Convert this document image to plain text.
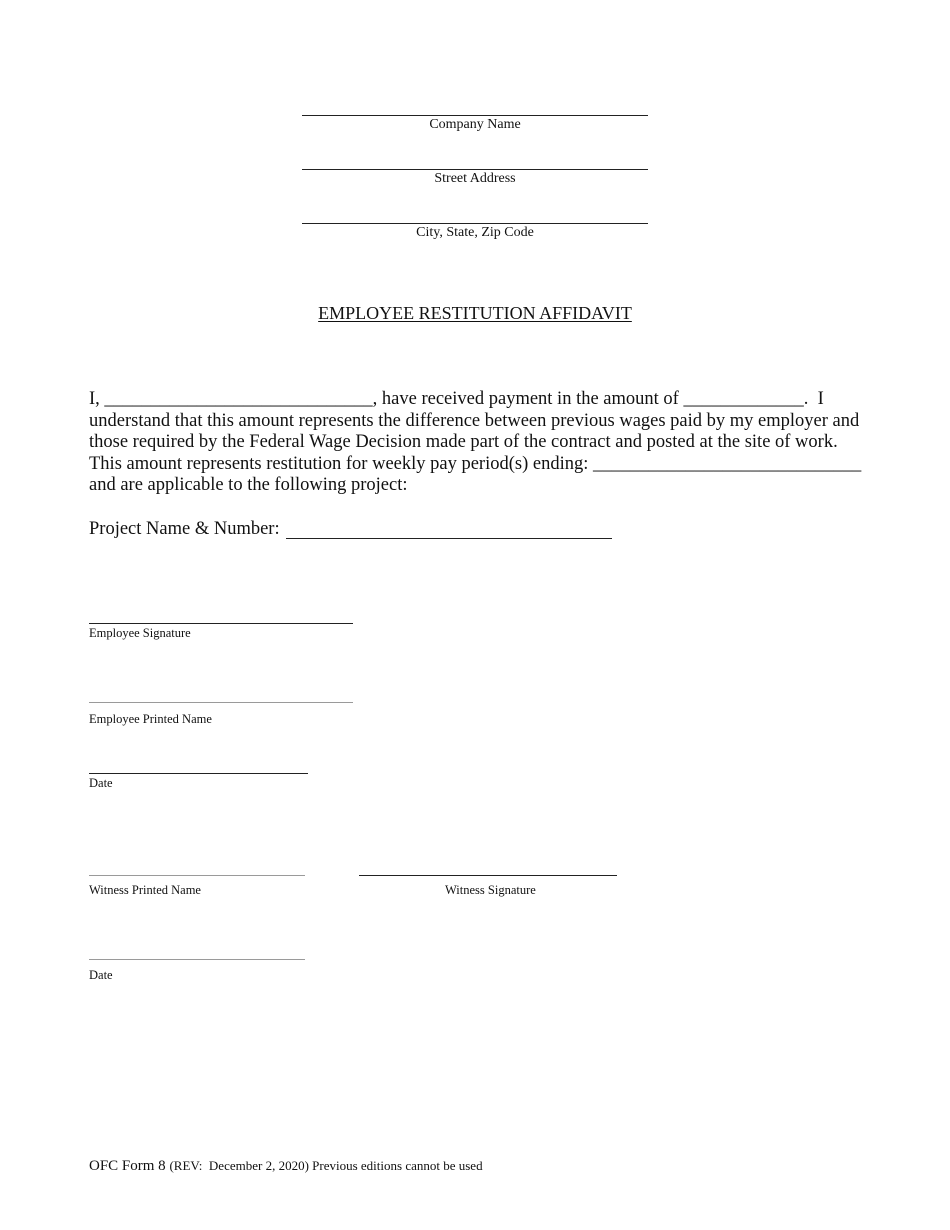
Company Name
Street Address
City, State, Zip Code
EMPLOYEE RESTITUTION AFFIDAVIT
I, _____________________________, have received payment in the amount of _____________.  I
understand that this amount represents the difference between previous wages paid by my employer and
those required by the Federal Wage Decision made part of the contract and posted at the site of work.
This amount represents restitution for weekly pay period(s) ending: _____________________________
and are applicable to the following project:
Project Name & Number:
Employee Signature
Employee Printed Name
Date
Witness Printed Name	Witness Signature
Date
OFC Form 8 (REV:  December 2, 2020) Previous editions cannot be used
